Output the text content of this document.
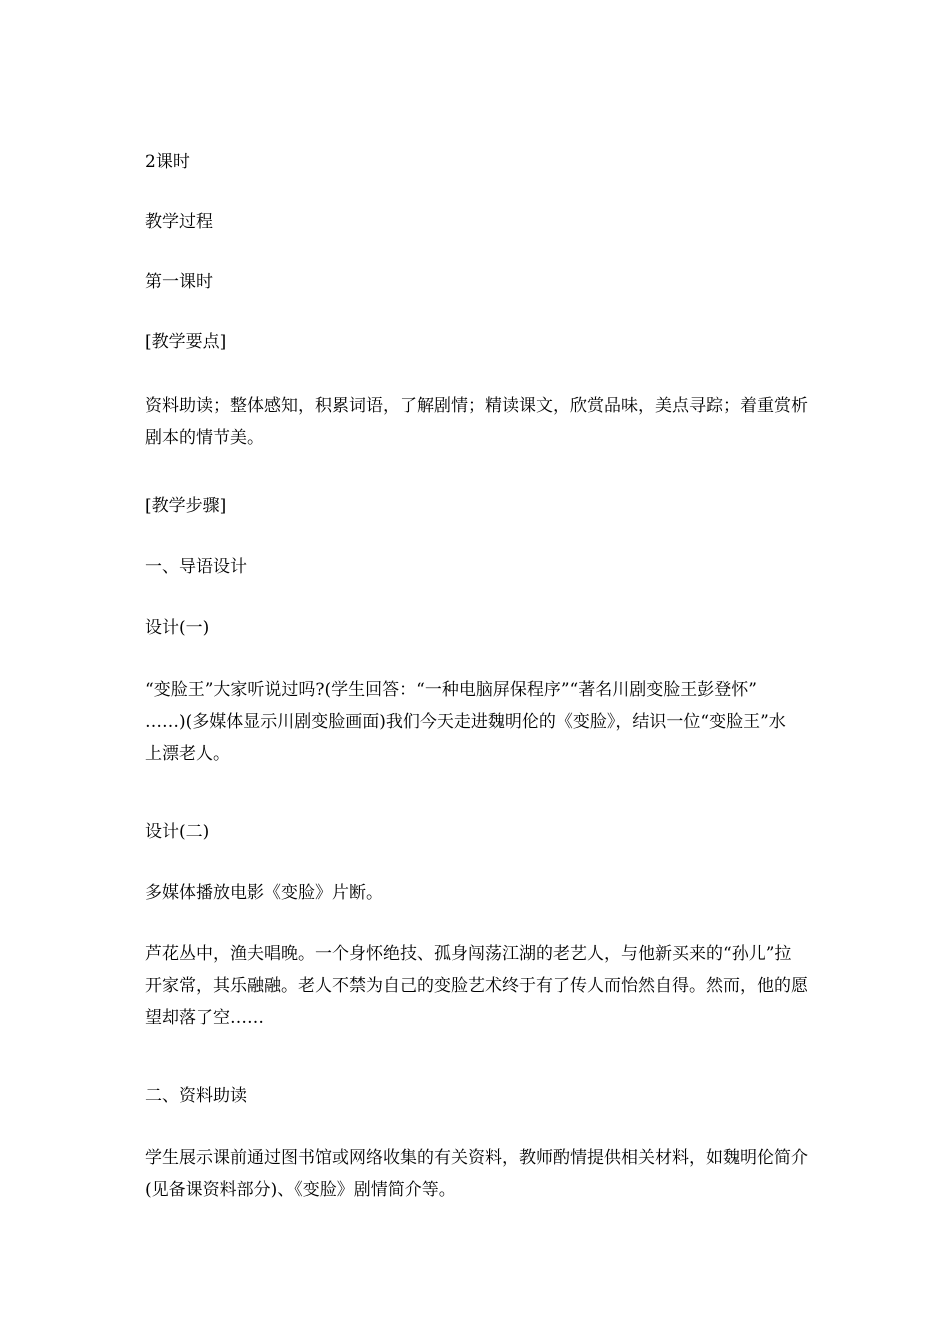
2课时

教学过程

第一课时

[教学要点]

资料助读；整体感知，积累词语，了解剧情；精读课文，欣赏品味，美点寻踪；着重赏析
剧本的情节美。

[教学步骤]

一、导语设计

设计(一)

“变脸王”大家听说过吗?(学生回答：“一种电脑屏保程序”“著名川剧变脸王彭登怀”
……)(多媒体显示川剧变脸画面)我们今天走进魏明伦的《变脸》，结识一位“变脸王”水
上漂老人。

设计(二)

多媒体播放电影《变脸》片断。

芦花丛中，渔夫唱晚。一个身怀绝技、孤身闯荡江湖的老艺人，与他新买来的“孙儿”拉
开家常，其乐融融。老人不禁为自己的变脸艺术终于有了传人而怡然自得。然而，他的愿
望却落了空……

二、资料助读

学生展示课前通过图书馆或网络收集的有关资料，教师酌情提供相关材料，如魏明伦简介
(见备课资料部分)、《变脸》剧情简介等。
